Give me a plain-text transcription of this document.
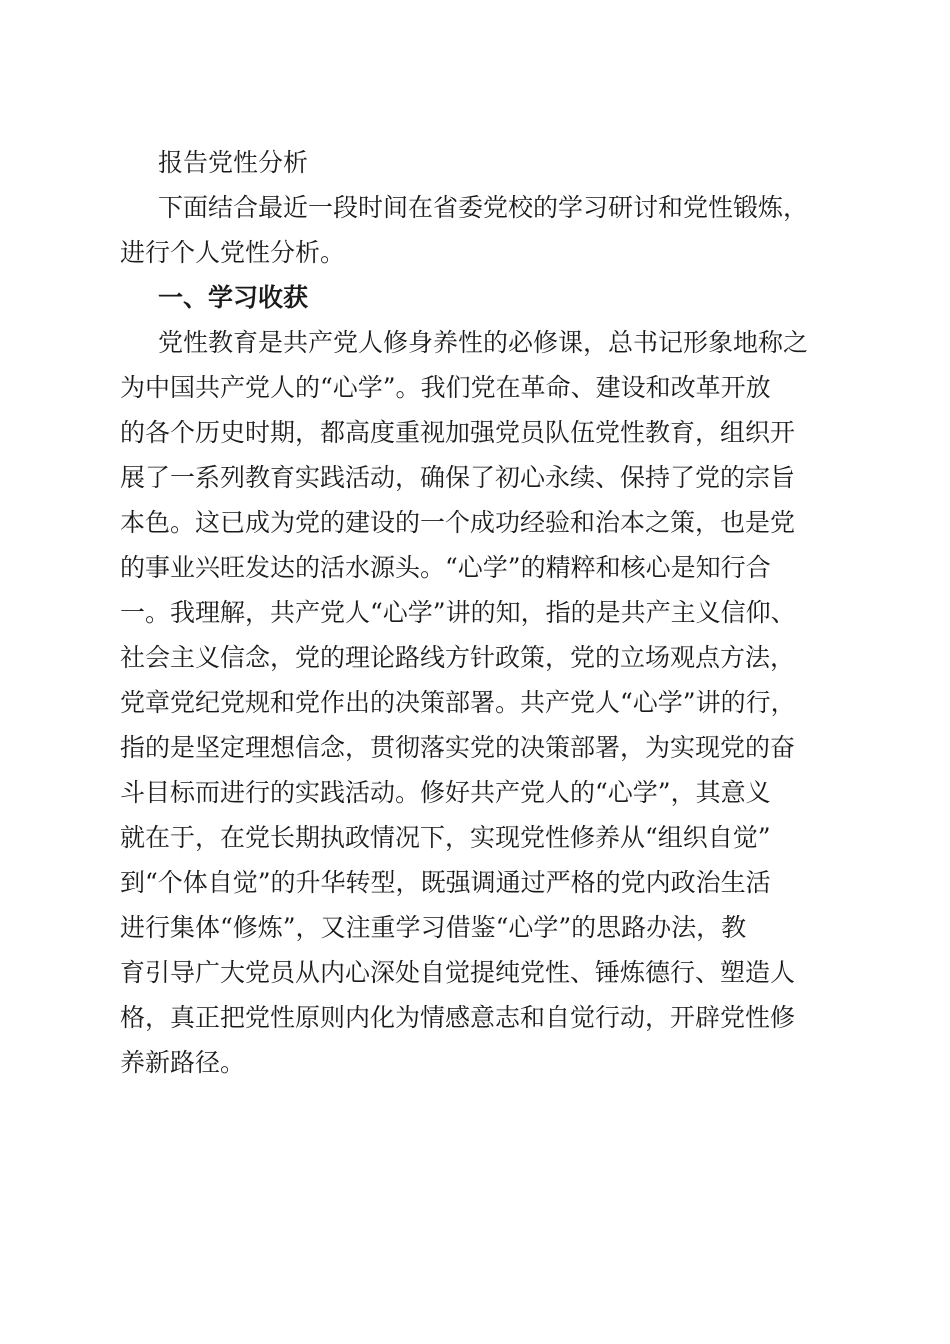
报告党性分析
下面结合最近一段时间在省委党校的学习研讨和党性锻炼，
进行个人党性分析。
一、学习收获
党性教育是共产党人修身养性的必修课，总书记形象地称之
为中国共产党人的“心学”。我们党在革命、建设和改革开放
的各个历史时期，都高度重视加强党员队伍党性教育，组织开
展了一系列教育实践活动，确保了初心永续、保持了党的宗旨
本色。这已成为党的建设的一个成功经验和治本之策，也是党
的事业兴旺发达的活水源头。“心学”的精粹和核心是知行合
一。我理解，共产党人“心学”讲的知，指的是共产主义信仰、
社会主义信念，党的理论路线方针政策，党的立场观点方法，
党章党纪党规和党作出的决策部署。共产党人“心学”讲的行，
指的是坚定理想信念，贯彻落实党的决策部署，为实现党的奋
斗目标而进行的实践活动。修好共产党人的“心学”，其意义
就在于，在党长期执政情况下，实现党性修养从“组织自觉”
到“个体自觉”的升华转型，既强调通过严格的党内政治生活
进行集体“修炼”，又注重学习借鉴“心学”的思路办法，教
育引导广大党员从内心深处自觉提纯党性、锤炼德行、塑造人
格，真正把党性原则内化为情感意志和自觉行动，开辟党性修
养新路径。
